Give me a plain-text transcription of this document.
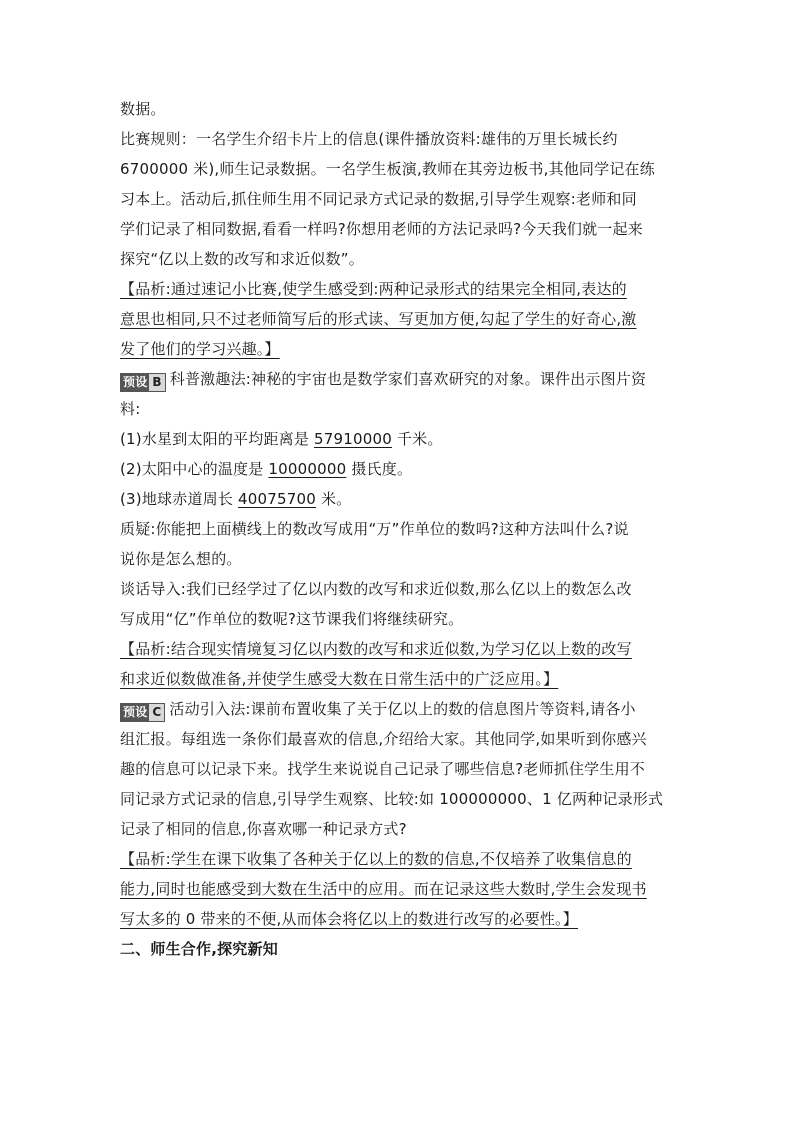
数据。
比赛规则：一名学生介绍卡片上的信息(课件播放资料:雄伟的万里长城长约
6700000 米),师生记录数据。一名学生板演,教师在其旁边板书,其他同学记在练
习本上。活动后,抓住师生用不同记录方式记录的数据,引导学生观察:老师和同
学们记录了相同数据,看看一样吗?你想用老师的方法记录吗?今天我们就一起来
探究“亿以上数的改写和求近似数”。
【品析:通过速记小比赛,使学生感受到:两种记录形式的结果完全相同,表达的
意思也相同,只不过老师简写后的形式读、写更加方便,勾起了学生的好奇心,激
发了他们的学习兴趣。】
预设 B 科普激趣法:神秘的宇宙也是数学家们喜欢研究的对象。课件出示图片资
料:
(1)水星到太阳的平均距离是 57910000 千米。
(2)太阳中心的温度是 10000000 摄氏度。
(3)地球赤道周长 40075700 米。
质疑:你能把上面横线上的数改写成用“万”作单位的数吗?这种方法叫什么?说
说你是怎么想的。
谈话导入:我们已经学过了亿以内数的改写和求近似数,那么亿以上的数怎么改
写成用“亿”作单位的数呢?这节课我们将继续研究。
【品析:结合现实情境复习亿以内数的改写和求近似数,为学习亿以上数的改写
和求近似数做准备,并使学生感受大数在日常生活中的广泛应用。】
预设 C 活动引入法:课前布置收集了关于亿以上的数的信息图片等资料,请各小
组汇报。每组选一条你们最喜欢的信息,介绍给大家。其他同学,如果听到你感兴
趣的信息可以记录下来。找学生来说说自己记录了哪些信息?老师抓住学生用不
同记录方式记录的信息,引导学生观察、比较:如 100000000、1 亿两种记录形式
记录了相同的信息,你喜欢哪一种记录方式?
【品析:学生在课下收集了各种关于亿以上的数的信息,不仅培养了收集信息的
能力,同时也能感受到大数在生活中的应用。而在记录这些大数时,学生会发现书
写太多的 0 带来的不便,从而体会将亿以上的数进行改写的必要性。】
二、师生合作,探究新知
